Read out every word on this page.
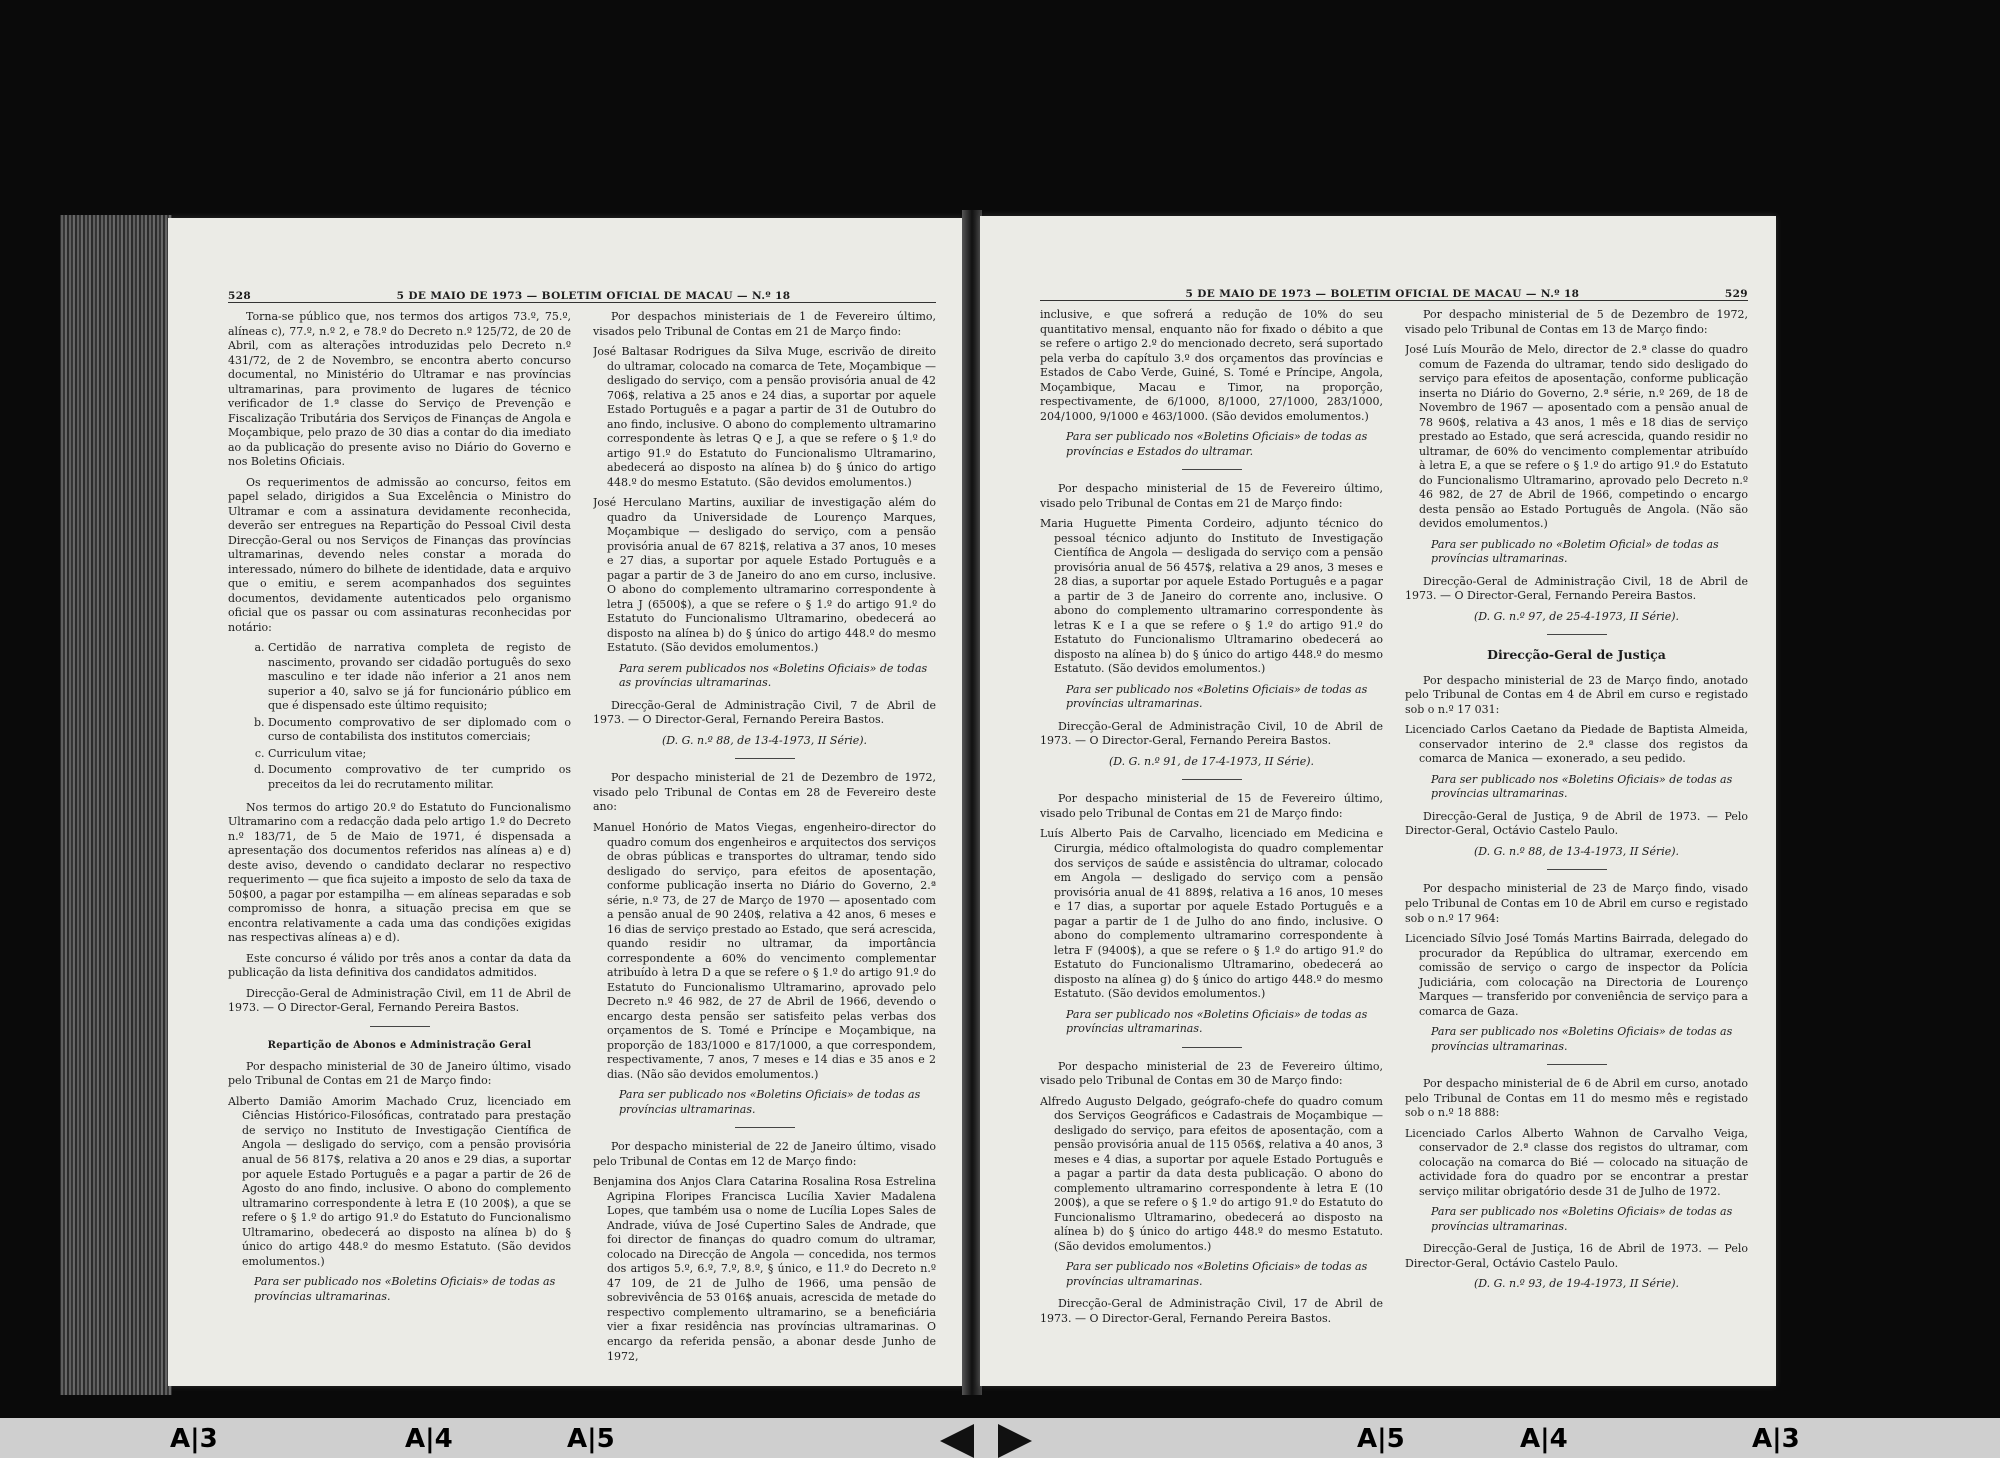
528	5 DE MAIO DE 1973 — BOLETIM OFICIAL DE MACAU — N.º 18

Torna-se público que, nos termos dos artigos 73.º, 75.º, alíneas c), 77.º, n.º 2, e 78.º do Decreto n.º 125/72, de 20 de Abril, com as alterações introduzidas pelo Decreto n.º 431/72, de 2 de Novembro, se encontra aberto concurso documental, no Ministério do Ultramar e nas províncias ultramarinas, para provimento de lugares de técnico verificador de 1.ª classe do Serviço de Prevenção e Fiscalização Tributária dos Serviços de Finanças de Angola e Moçambique, pelo prazo de 30 dias a contar do dia imediato ao da publicação do presente aviso no Diário do Governo e nos Boletins Oficiais.

Os requerimentos de admissão ao concurso, feitos em papel selado, dirigidos a Sua Excelência o Ministro do Ultramar e com a assinatura devidamente reconhecida, deverão ser entregues na Repartição do Pessoal Civil desta Direcção-Geral ou nos Serviços de Finanças das províncias ultramarinas, devendo neles constar a morada do interessado, número do bilhete de identidade, data e arquivo que o emitiu, e serem acompanhados dos seguintes documentos, devidamente autenticados pelo organismo oficial que os passar ou com assinaturas reconhecidas por notário:

a. Certidão de narrativa completa de registo de nascimento, provando ser cidadão português do sexo masculino e ter idade não inferior a 21 anos nem superior a 40, salvo se já for funcionário público em que é dispensado este último requisito;
b. Documento comprovativo de ser diplomado com o curso de contabilista dos institutos comerciais;
c. Curriculum vitae;
d. Documento comprovativo de ter cumprido os preceitos da lei do recrutamento militar.

Nos termos do artigo 20.º do Estatuto do Funcionalismo Ultramarino com a redacção dada pelo artigo 1.º do Decreto n.º 183/71, de 5 de Maio de 1971, é dispensada a apresentação dos documentos referidos nas alíneas a) e d) deste aviso, devendo o candidato declarar no respectivo requerimento — que fica sujeito a imposto de selo da taxa de 50$00, a pagar por estampilha — em alíneas separadas e sob compromisso de honra, a situação precisa em que se encontra relativamente a cada uma das condições exigidas nas respectivas alíneas a) e d).

Este concurso é válido por três anos a contar da data da publicação da lista definitiva dos candidatos admitidos.

Direcção-Geral de Administração Civil, em 11 de Abril de 1973. — O Director-Geral, Fernando Pereira Bastos.

Repartição de Abonos e Administração Geral

Por despacho ministerial de 30 de Janeiro último, visado pelo Tribunal de Contas em 21 de Março findo:

Alberto Damião Amorim Machado Cruz, licenciado em Ciências Histórico-Filosóficas, contratado para prestação de serviço no Instituto de Investigação Científica de Angola — desligado do serviço, com a pensão provisória anual de 56 817$, relativa a 20 anos e 29 dias, a suportar por aquele Estado Português e a pagar a partir de 26 de Agosto do ano findo, inclusive. O abono do complemento ultramarino correspondente à letra E (10 200$), a que se refere o § 1.º do artigo 91.º do Estatuto do Funcionalismo Ultramarino, obedecerá ao disposto na alínea b) do § único do artigo 448.º do mesmo Estatuto. (São devidos emolumentos.)

Para ser publicado nos «Boletins Oficiais» de todas as províncias ultramarinas.

Por despachos ministeriais de 1 de Fevereiro último, visados pelo Tribunal de Contas em 21 de Março findo:

José Baltasar Rodrigues da Silva Muge, escrivão de direito do ultramar, colocado na comarca de Tete, Moçambique — desligado do serviço, com a pensão provisória anual de 42 706$, relativa a 25 anos e 24 dias, a suportar por aquele Estado Português e a pagar a partir de 31 de Outubro do ano findo, inclusive. O abono do complemento ultramarino correspondente às letras Q e J, a que se refere o § 1.º do artigo 91.º do Estatuto do Funcionalismo Ultramarino, abedecerá ao disposto na alínea b) do § único do artigo 448.º do mesmo Estatuto. (São devidos emolumentos.)

José Herculano Martins, auxiliar de investigação além do quadro da Universidade de Lourenço Marques, Moçambique — desligado do serviço, com a pensão provisória anual de 67 821$, relativa a 37 anos, 10 meses e 27 dias, a suportar por aquele Estado Português e a pagar a partir de 3 de Janeiro do ano em curso, inclusive. O abono do complemento ultramarino correspondente à letra J (6500$), a que se refere o § 1.º do artigo 91.º do Estatuto do Funcionalismo Ultramarino, obedecerá ao disposto na alínea b) do § único do artigo 448.º do mesmo Estatuto. (São devidos emolumentos.)

Para serem publicados nos «Boletins Oficiais» de todas as províncias ultramarinas.

Direcção-Geral de Administração Civil, 7 de Abril de 1973. — O Director-Geral, Fernando Pereira Bastos.

(D. G. n.º 88, de 13-4-1973, II Série).

Por despacho ministerial de 21 de Dezembro de 1972, visado pelo Tribunal de Contas em 28 de Fevereiro deste ano:

Manuel Honório de Matos Viegas, engenheiro-director do quadro comum dos engenheiros e arquitectos dos serviços de obras públicas e transportes do ultramar, tendo sido desligado do serviço, para efeitos de aposentação, conforme publicação inserta no Diário do Governo, 2.ª série, n.º 73, de 27 de Março de 1970 — aposentado com a pensão anual de 90 240$, relativa a 42 anos, 6 meses e 16 dias de serviço prestado ao Estado, que será acrescida, quando residir no ultramar, da importância correspondente a 60% do vencimento complementar atribuído à letra D a que se refere o § 1.º do artigo 91.º do Estatuto do Funcionalismo Ultramarino, aprovado pelo Decreto n.º 46 982, de 27 de Abril de 1966, devendo o encargo desta pensão ser satisfeito pelas verbas dos orçamentos de S. Tomé e Príncipe e Moçambique, na proporção de 183/1000 e 817/1000, a que correspondem, respectivamente, 7 anos, 7 meses e 14 dias e 35 anos e 2 dias. (Não são devidos emolumentos.)

Para ser publicado nos «Boletins Oficiais» de todas as províncias ultramarinas.

Por despacho ministerial de 22 de Janeiro último, visado pelo Tribunal de Contas em 12 de Março findo:

Benjamina dos Anjos Clara Catarina Rosalina Rosa Estrelina Agripina Floripes Francisca Lucília Xavier Madalena Lopes, que também usa o nome de Lucília Lopes Sales de Andrade, viúva de José Cupertino Sales de Andrade, que foi director de finanças do quadro comum do ultramar, colocado na Direcção de Angola — concedida, nos termos dos artigos 5.º, 6.º, 7.º, 8.º, § único, e 11.º do Decreto n.º 47 109, de 21 de Julho de 1966, uma pensão de sobrevivência de 53 016$ anuais, acrescida de metade do respectivo complemento ultramarino, se a beneficiária vier a fixar residência nas províncias ultramarinas. O encargo da referida pensão, a abonar desde Junho de 1972,

5 DE MAIO DE 1973 — BOLETIM OFICIAL DE MACAU — N.º 18	529

inclusive, e que sofrerá a redução de 10% do seu quantitativo mensal, enquanto não for fixado o débito a que se refere o artigo 2.º do mencionado decreto, será suportado pela verba do capítulo 3.º dos orçamentos das províncias e Estados de Cabo Verde, Guiné, S. Tomé e Príncipe, Angola, Moçambique, Macau e Timor, na proporção, respectivamente, de 6/1000, 8/1000, 27/1000, 283/1000, 204/1000, 9/1000 e 463/1000. (São devidos emolumentos.)

Para ser publicado nos «Boletins Oficiais» de todas as províncias e Estados do ultramar.

Por despacho ministerial de 15 de Fevereiro último, visado pelo Tribunal de Contas em 21 de Março findo:

Maria Huguette Pimenta Cordeiro, adjunto técnico do pessoal técnico adjunto do Instituto de Investigação Científica de Angola — desligada do serviço com a pensão provisória anual de 56 457$, relativa a 29 anos, 3 meses e 28 dias, a suportar por aquele Estado Português e a pagar a partir de 3 de Janeiro do corrente ano, inclusive. O abono do complemento ultramarino correspondente às letras K e I a que se refere o § 1.º do artigo 91.º do Estatuto do Funcionalismo Ultramarino obedecerá ao disposto na alínea b) do § único do artigo 448.º do mesmo Estatuto. (São devidos emolumentos.)

Para ser publicado nos «Boletins Oficiais» de todas as províncias ultramarinas.

Direcção-Geral de Administração Civil, 10 de Abril de 1973. — O Director-Geral, Fernando Pereira Bastos.

(D. G. n.º 91, de 17-4-1973, II Série).

Por despacho ministerial de 15 de Fevereiro último, visado pelo Tribunal de Contas em 21 de Março findo:

Luís Alberto Pais de Carvalho, licenciado em Medicina e Cirurgia, médico oftalmologista do quadro complementar dos serviços de saúde e assistência do ultramar, colocado em Angola — desligado do serviço com a pensão provisória anual de 41 889$, relativa a 16 anos, 10 meses e 17 dias, a suportar por aquele Estado Português e a pagar a partir de 1 de Julho do ano findo, inclusive. O abono do complemento ultramarino correspondente à letra F (9400$), a que se refere o § 1.º do artigo 91.º do Estatuto do Funcionalismo Ultramarino, obedecerá ao disposto na alínea g) do § único do artigo 448.º do mesmo Estatuto. (São devidos emolumentos.)

Para ser publicado nos «Boletins Oficiais» de todas as províncias ultramarinas.

Por despacho ministerial de 23 de Fevereiro último, visado pelo Tribunal de Contas em 30 de Março findo:

Alfredo Augusto Delgado, geógrafo-chefe do quadro comum dos Serviços Geográficos e Cadastrais de Moçambique — desligado do serviço, para efeitos de aposentação, com a pensão provisória anual de 115 056$, relativa a 40 anos, 3 meses e 4 dias, a suportar por aquele Estado Português e a pagar a partir da data desta publicação. O abono do complemento ultramarino correspondente à letra E (10 200$), a que se refere o § 1.º do artigo 91.º do Estatuto do Funcionalismo Ultramarino, obedecerá ao disposto na alínea b) do § único do artigo 448.º do mesmo Estatuto. (São devidos emolumentos.)

Para ser publicado nos «Boletins Oficiais» de todas as províncias ultramarinas.

Direcção-Geral de Administração Civil, 17 de Abril de 1973. — O Director-Geral, Fernando Pereira Bastos.

Por despacho ministerial de 5 de Dezembro de 1972, visado pelo Tribunal de Contas em 13 de Março findo:

José Luís Mourão de Melo, director de 2.ª classe do quadro comum de Fazenda do ultramar, tendo sido desligado do serviço para efeitos de aposentação, conforme publicação inserta no Diário do Governo, 2.ª série, n.º 269, de 18 de Novembro de 1967 — aposentado com a pensão anual de 78 960$, relativa a 43 anos, 1 mês e 18 dias de serviço prestado ao Estado, que será acrescida, quando residir no ultramar, de 60% do vencimento complementar atribuído à letra E, a que se refere o § 1.º do artigo 91.º do Estatuto do Funcionalismo Ultramarino, aprovado pelo Decreto n.º 46 982, de 27 de Abril de 1966, competindo o encargo desta pensão ao Estado Português de Angola. (Não são devidos emolumentos.)

Para ser publicado no «Boletim Oficial» de todas as províncias ultramarinas.

Direcção-Geral de Administração Civil, 18 de Abril de 1973. — O Director-Geral, Fernando Pereira Bastos.

(D. G. n.º 97, de 25-4-1973, II Série).

Direcção-Geral de Justiça

Por despacho ministerial de 23 de Março findo, anotado pelo Tribunal de Contas em 4 de Abril em curso e registado sob o n.º 17 031:

Licenciado Carlos Caetano da Piedade de Baptista Almeida, conservador interino de 2.ª classe dos registos da comarca de Manica — exonerado, a seu pedido.

Para ser publicado nos «Boletins Oficiais» de todas as províncias ultramarinas.

Direcção-Geral de Justiça, 9 de Abril de 1973. — Pelo Director-Geral, Octávio Castelo Paulo.

(D. G. n.º 88, de 13-4-1973, II Série).

Por despacho ministerial de 23 de Março findo, visado pelo Tribunal de Contas em 10 de Abril em curso e registado sob o n.º 17 964:

Licenciado Sílvio José Tomás Martins Bairrada, delegado do procurador da República do ultramar, exercendo em comissão de serviço o cargo de inspector da Polícia Judiciária, com colocação na Directoria de Lourenço Marques — transferido por conveniência de serviço para a comarca de Gaza.

Para ser publicado nos «Boletins Oficiais» de todas as províncias ultramarinas.

Por despacho ministerial de 6 de Abril em curso, anotado pelo Tribunal de Contas em 11 do mesmo mês e registado sob o n.º 18 888:

Licenciado Carlos Alberto Wahnon de Carvalho Veiga, conservador de 2.ª classe dos registos do ultramar, com colocação na comarca do Bié — colocado na situação de actividade fora do quadro por se encontrar a prestar serviço militar obrigatório desde 31 de Julho de 1972.

Para ser publicado nos «Boletins Oficiais» de todas as províncias ultramarinas.

Direcção-Geral de Justiça, 16 de Abril de 1973. — Pelo Director-Geral, Octávio Castelo Paulo.

(D. G. n.º 93, de 19-4-1973, II Série).

A|3	A|4	A|5	A|5	A|4	A|3
